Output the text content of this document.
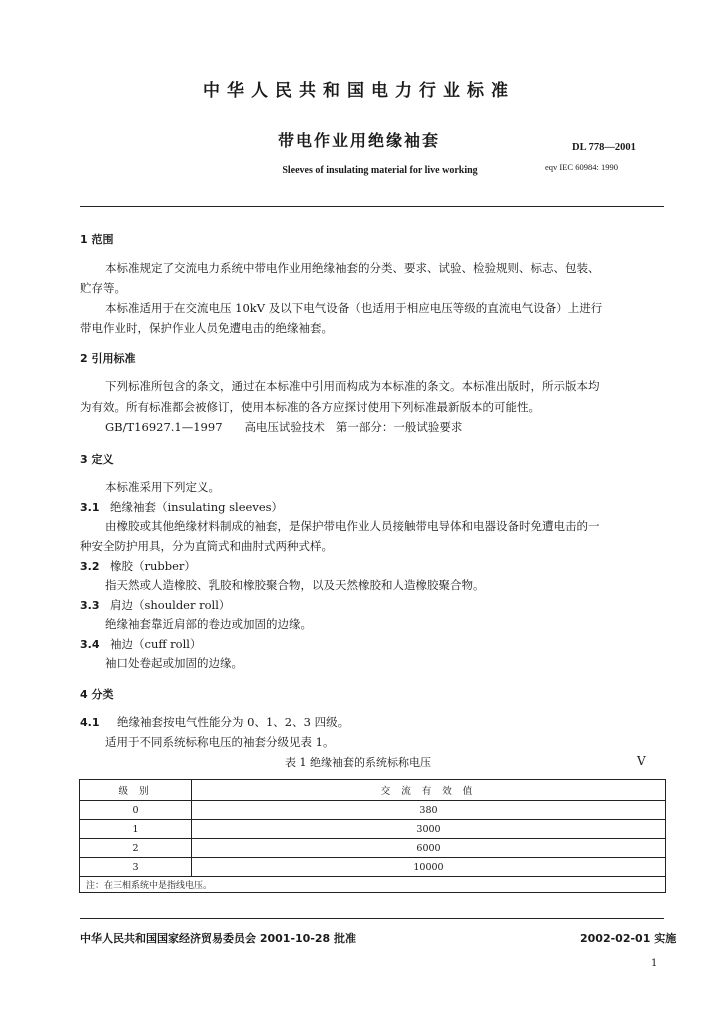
中华人民共和国电力行业标准
带电作业用绝缘袖套	DL 778—2001
Sleeves of insulating material for live working	eqv IEC 60984: 1990
1 范围
本标准规定了交流电力系统中带电作业用绝缘袖套的分类、要求、试验、检验规则、标志、包装、
贮存等。
本标准适用于在交流电压 10kV 及以下电气设备（也适用于相应电压等级的直流电气设备）上进行
带电作业时，保护作业人员免遭电击的绝缘袖套。
2 引用标准
下列标准所包含的条文，通过在本标准中引用而构成为本标准的条文。本标准出版时，所示版本均
为有效。所有标准都会被修订，使用本标准的各方应探讨使用下列标准最新版本的可能性。
GB/T16927.1—1997      高电压试验技术   第一部分：一般试验要求
3 定义
本标准采用下列定义。
3.1 绝缘袖套（insulating sleeves）
由橡胶或其他绝缘材料制成的袖套，是保护带电作业人员接触带电导体和电器设备时免遭电击的一
种安全防护用具，分为直筒式和曲肘式两种式样。
3.2 橡胶（rubber）
指天然或人造橡胶、乳胶和橡胶聚合物，以及天然橡胶和人造橡胶聚合物。
3.3 肩边（shoulder roll）
绝缘袖套靠近肩部的卷边或加固的边缘。
3.4 袖边（cuff roll）
袖口处卷起或加固的边缘。
4 分类
4.1 绝缘袖套按电气性能分为 0、1、2、3 四级。
适用于不同系统标称电压的袖套分级见表 1。
表 1 绝缘袖套的系统标称电压	V
级 别	交 流 有 效 值
0	380
1	3000
2	6000
3	10000
注：在三相系统中是指线电压。	
中华人民共和国国家经济贸易委员会 2001-10-28 批准	2002-02-01 实施
1
